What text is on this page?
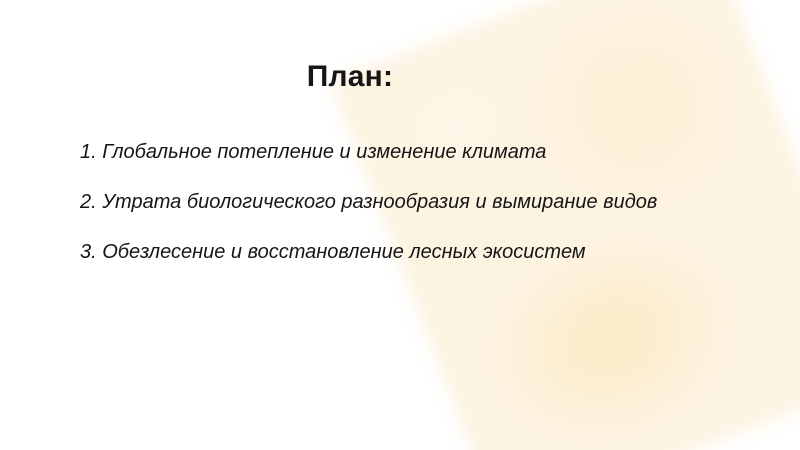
План:
1. Глобальное потепление и изменение климата
2. Утрата биологического разнообразия и вымирание видов
3. Обезлесение и восстановление лесных экосистем
